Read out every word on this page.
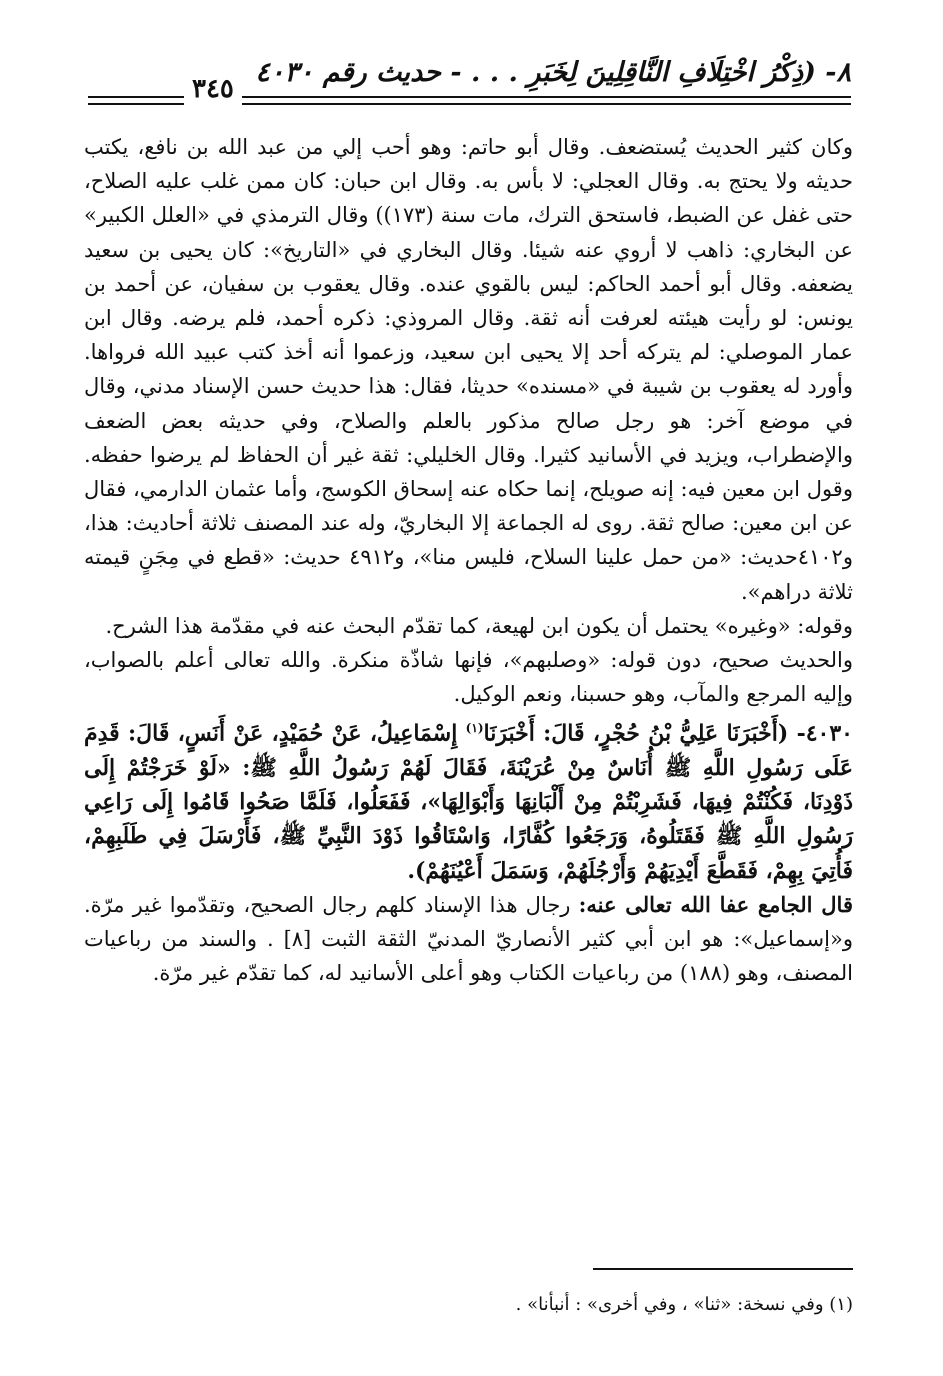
٨- (ذِكْرُ اخْتِلَافِ النَّاقِلِينَ لِخَبَرِ . . . - حديث رقم ٤٠٣٠
٣٤٥

وكان كثير الحديث يُستضعف. وقال أبو حاتم: وهو أحب إلي من عبد الله بن نافع، يكتب حديثه ولا يحتج به. وقال العجلي: لا بأس به. وقال ابن حبان: كان ممن غلب عليه الصلاح، حتى غفل عن الضبط، فاستحق الترك، مات سنة (١٧٣)) وقال الترمذي في «العلل الكبير» عن البخاري: ذاهب لا أروي عنه شيئا. وقال البخاري في «التاريخ»: كان يحيى بن سعيد يضعفه. وقال أبو أحمد الحاكم: ليس بالقوي عنده. وقال يعقوب بن سفيان، عن أحمد بن يونس: لو رأيت هيئته لعرفت أنه ثقة. وقال المروذي: ذكره أحمد، فلم يرضه. وقال ابن عمار الموصلي: لم يتركه أحد إلا يحيى ابن سعيد، وزعموا أنه أخذ كتب عبيد الله فرواها. وأورد له يعقوب بن شيبة في «مسنده» حديثا، فقال: هذا حديث حسن الإسناد مدني، وقال في موضع آخر: هو رجل صالح مذكور بالعلم والصلاح، وفي حديثه بعض الضعف والإضطراب، ويزيد في الأسانيد كثيرا. وقال الخليلي: ثقة غير أن الحفاظ لم يرضوا حفظه. وقول ابن معين فيه: إنه صويلح، إنما حكاه عنه إسحاق الكوسج، وأما عثمان الدارمي، فقال عن ابن معين: صالح ثقة. روى له الجماعة إلا البخاريّ، وله عند المصنف ثلاثة أحاديث: هذا، و٤١٠٢حديث: «من حمل علينا السلاح، فليس منا»، و٤٩١٢ حديث: «قطع في مِجَنٍ قيمته ثلاثة دراهم».

وقوله: «وغيره» يحتمل أن يكون ابن لهيعة، كما تقدّم البحث عنه في مقدّمة هذا الشرح.

والحديث صحيح، دون قوله: «وصلبهم»، فإنها شاذّة منكرة. والله تعالى أعلم بالصواب، وإليه المرجع والمآب، وهو حسبنا، ونعم الوكيل.

٤٠٣٠- (أَخْبَرَنَا عَلِيُّ بْنُ حُجْرٍ، قَالَ: أَخْبَرَنَا$^{(١)}$ إِسْمَاعِيلُ، عَنْ حُمَيْدٍ، عَنْ أَنَسٍ، قَالَ: قَدِمَ عَلَى رَسُولِ اللَّهِ ﷺ أُنَاسٌ مِنْ عُرَيْنَةَ، فَقَالَ لَهُمْ رَسُولُ اللَّهِ ﷺ: «لَوْ خَرَجْتُمْ إِلَى ذَوْدِنَا، فَكُنْتُمْ فِيهَا، فَشَرِبْتُمْ مِنْ أَلْبَانِهَا وَأَبْوَالِهَا»، فَفَعَلُوا، فَلَمَّا صَحُوا قَامُوا إِلَى رَاعِي رَسُولِ اللَّهِ ﷺ فَقَتَلُوهُ، وَرَجَعُوا كُفَّارًا، وَاسْتَاقُوا ذَوْدَ النَّبِيِّ ﷺ، فَأَرْسَلَ فِي طَلَبِهِمْ، فَأُتِيَ بِهِمْ، فَقَطَّعَ أَيْدِيَهُمْ وَأَرْجُلَهُمْ، وَسَمَلَ أَعْيُنَهُمْ).

قال الجامع عفا الله تعالى عنه: رجال هذا الإسناد كلهم رجال الصحيح، وتقدّموا غير مرّة. و«إسماعيل»: هو ابن أبي كثير الأنصاريّ المدنيّ الثقة الثبت [٨] . والسند من رباعيات المصنف، وهو (١٨٨) من رباعيات الكتاب وهو أعلى الأسانيد له، كما تقدّم غير مرّة.

(١) وفي نسخة: «ثنا» ، وفي أخرى» : أنبأنا» .
